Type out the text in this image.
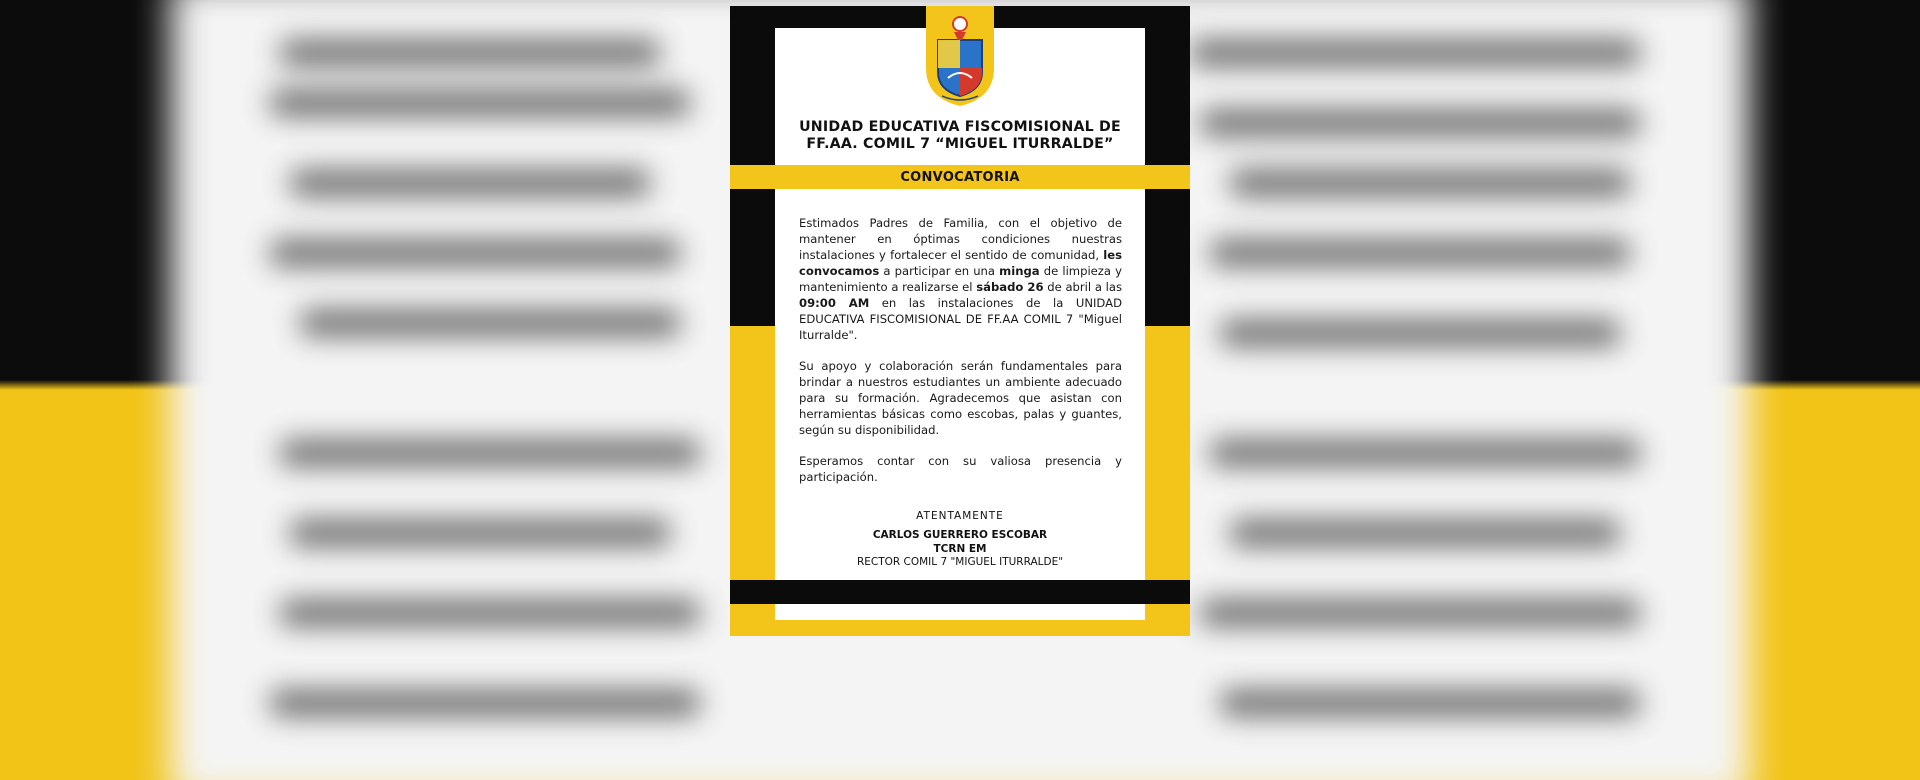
UNIDAD EDUCATIVA FISCOMISIONAL DE
FF.AA. COMIL 7 “MIGUEL ITURRALDE”
CONVOCATORIA
Estimados Padres de Familia, con el objetivo de mantener en óptimas condiciones nuestras instalaciones y fortalecer el sentido de comunidad, les convocamos a participar en una minga de limpieza y mantenimiento a realizarse el sábado 26 de abril a las 09:00 AM en las instalaciones de la UNIDAD EDUCATIVA FISCOMISIONAL DE FF.AA COMIL 7 "Miguel Iturralde".
Su apoyo y colaboración serán fundamentales para brindar a nuestros estudiantes un ambiente adecuado para su formación. Agradecemos que asistan con herramientas básicas como escobas, palas y guantes, según su disponibilidad.
Esperamos contar con su valiosa presencia y participación.
ATENTAMENTE
CARLOS GUERRERO ESCOBAR
TCRN EM
RECTOR COMIL 7 "MIGUEL ITURRALDE"
